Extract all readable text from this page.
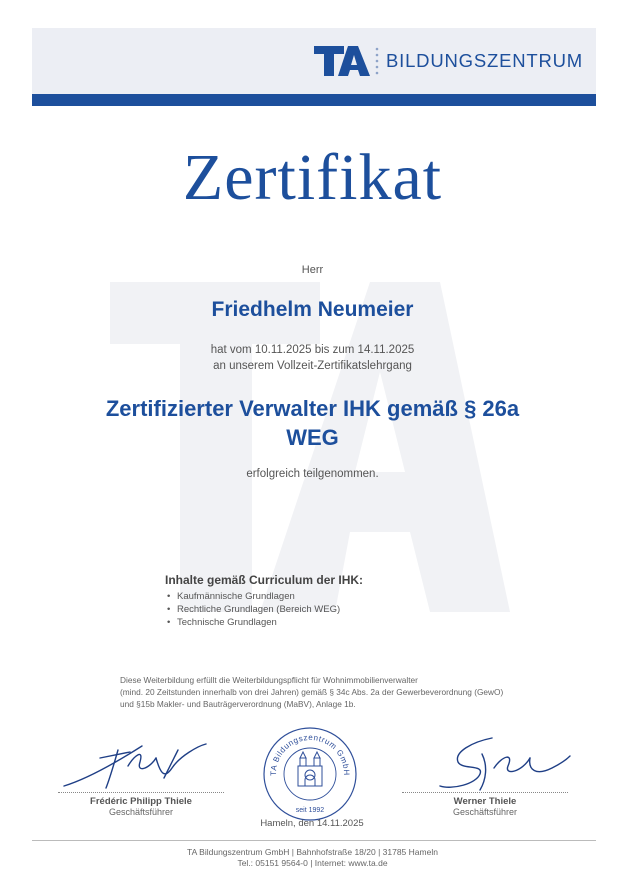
BILDUNGSZENTRUM
Zertifikat
Herr
Friedhelm Neumeier
hat vom 10.11.2025 bis zum 14.11.2025
an unserem Vollzeit-Zertifikatslehrgang
Zertifizierter Verwalter IHK gemäß § 26a
WEG
erfolgreich teilgenommen.
Inhalte gemäß Curriculum der IHK:
• Kaufmännische Grundlagen
• Rechtliche Grundlagen (Bereich WEG)
• Technische Grundlagen
Diese Weiterbildung erfüllt die Weiterbildungspflicht für Wohnimmobilienverwalter
(mind. 20 Zeitstunden innerhalb von drei Jahren) gemäß § 34c Abs. 2a der Gewerbeverordnung (GewO)
und §15b Makler- und Bauträgerverordnung (MaBV), Anlage 1b.
Frédéric Philipp Thiele
Geschäftsführer
Werner Thiele
Geschäftsführer
TA Bildungszentrum GmbH
seit 1992
Hameln, den 14.11.2025
TA Bildungszentrum GmbH | Bahnhofstraße 18/20 | 31785 Hameln
Tel.: 05151 9564-0 | Internet: www.ta.de
